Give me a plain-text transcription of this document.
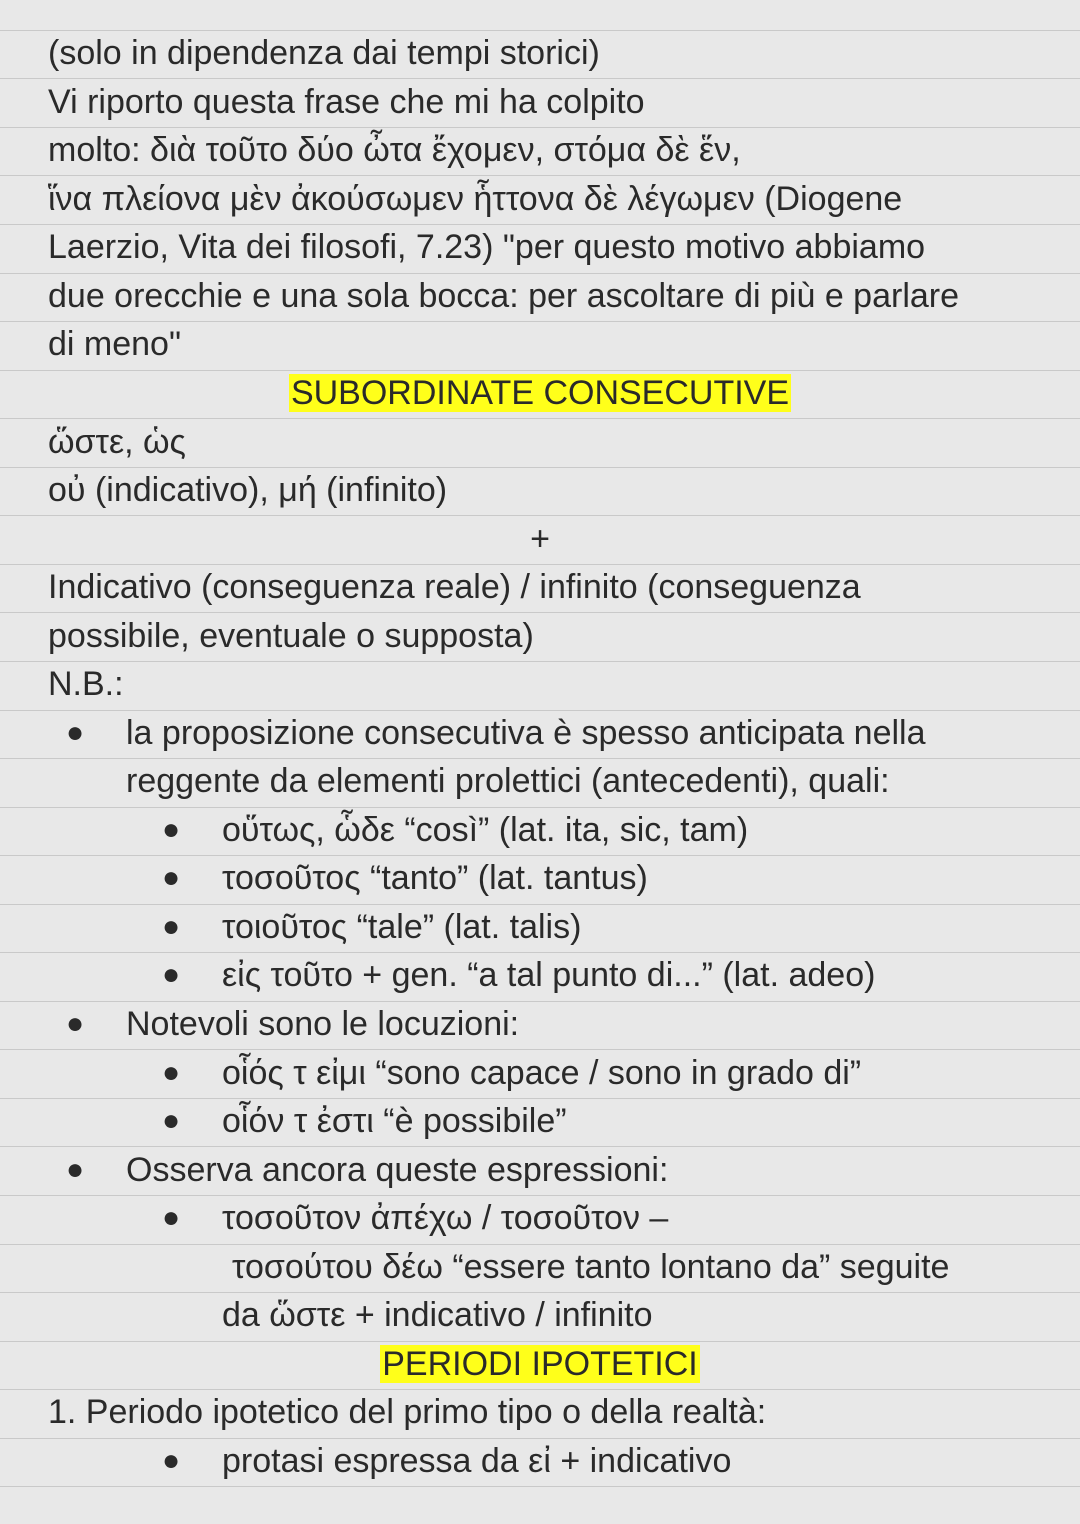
(solo in dipendenza dai tempi storici)
Vi riporto questa frase che mi ha colpito
molto: διὰ τοῦτο δύο ὦτα ἔχομεν, στόμα δὲ ἕν,
ἵνα πλείονα μὲν ἀκούσωμεν ἧττονα δὲ λέγωμεν (Diogene
Laerzio, Vita dei filosofi, 7.23) "per questo motivo abbiamo
due orecchie e una sola bocca: per ascoltare di più e parlare
di meno"
SUBORDINATE CONSECUTIVE
ὥστε, ὡς
οὐ (indicativo), μή (infinito)
+
Indicativo (conseguenza reale) / infinito (conseguenza
possibile, eventuale o supposta)
N.B.:
● la proposizione consecutiva è spesso anticipata nella
reggente da elementi prolettici (antecedenti), quali:
● οὕτως, ὧδε “così” (lat. ita, sic, tam)
● τοσοῦτος “tanto” (lat. tantus)
● τοιοῦτος “tale” (lat. talis)
● εἰς τοῦτο + gen. “a tal punto di...” (lat. adeo)
● Notevoli sono le locuzioni:
● οἷός τ εἰμι “sono capace / sono in grado di”
● οἷόν τ ἐστι “è possibile”
● Osserva ancora queste espressioni:
● τοσοῦτον ἀπέχω / τοσοῦτον –
τοσούτου δέω “essere tanto lontano da” seguite
da ὥστε + indicativo / infinito
PERIODI IPOTETICI
1. Periodo ipotetico del primo tipo o della realtà:
● protasi espressa da εἰ + indicativo
